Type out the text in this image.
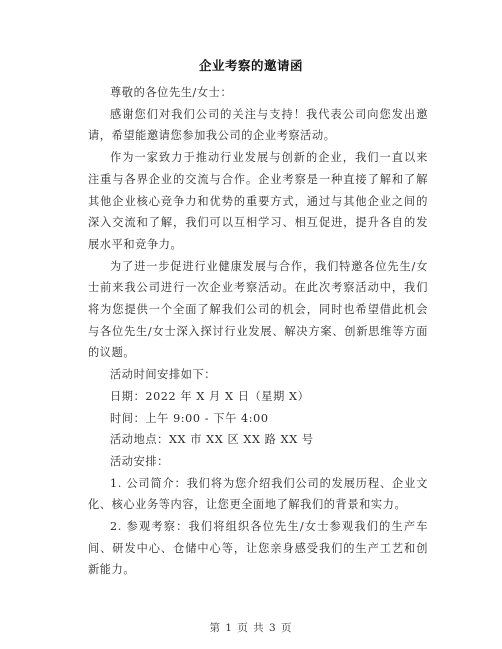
企业考察的邀请函

尊敬的各位先生/女士：

感谢您们对我们公司的关注与支持！我代表公司向您发出邀请，希望能邀请您参加我公司的企业考察活动。

作为一家致力于推动行业发展与创新的企业，我们一直以来注重与各界企业的交流与合作。企业考察是一种直接了解和了解其他企业核心竞争力和优势的重要方式，通过与其他企业之间的深入交流和了解，我们可以互相学习、相互促进，提升各自的发展水平和竞争力。

为了进一步促进行业健康发展与合作，我们特邀各位先生/女士前来我公司进行一次企业考察活动。在此次考察活动中，我们将为您提供一个全面了解我们公司的机会，同时也希望借此机会与各位先生/女士深入探讨行业发展、解决方案、创新思维等方面的议题。

活动时间安排如下：

日期：2022 年 X 月 X 日（星期 X）

时间：上午 9:00 - 下午 4:00

活动地点：XX 市 XX 区 XX 路 XX 号

活动安排：

1. 公司简介：我们将为您介绍我们公司的发展历程、企业文化、核心业务等内容，让您更全面地了解我们的背景和实力。

2. 参观考察：我们将组织各位先生/女士参观我们的生产车间、研发中心、仓储中心等，让您亲身感受我们的生产工艺和创新能力。

第 1 页 共 3 页
